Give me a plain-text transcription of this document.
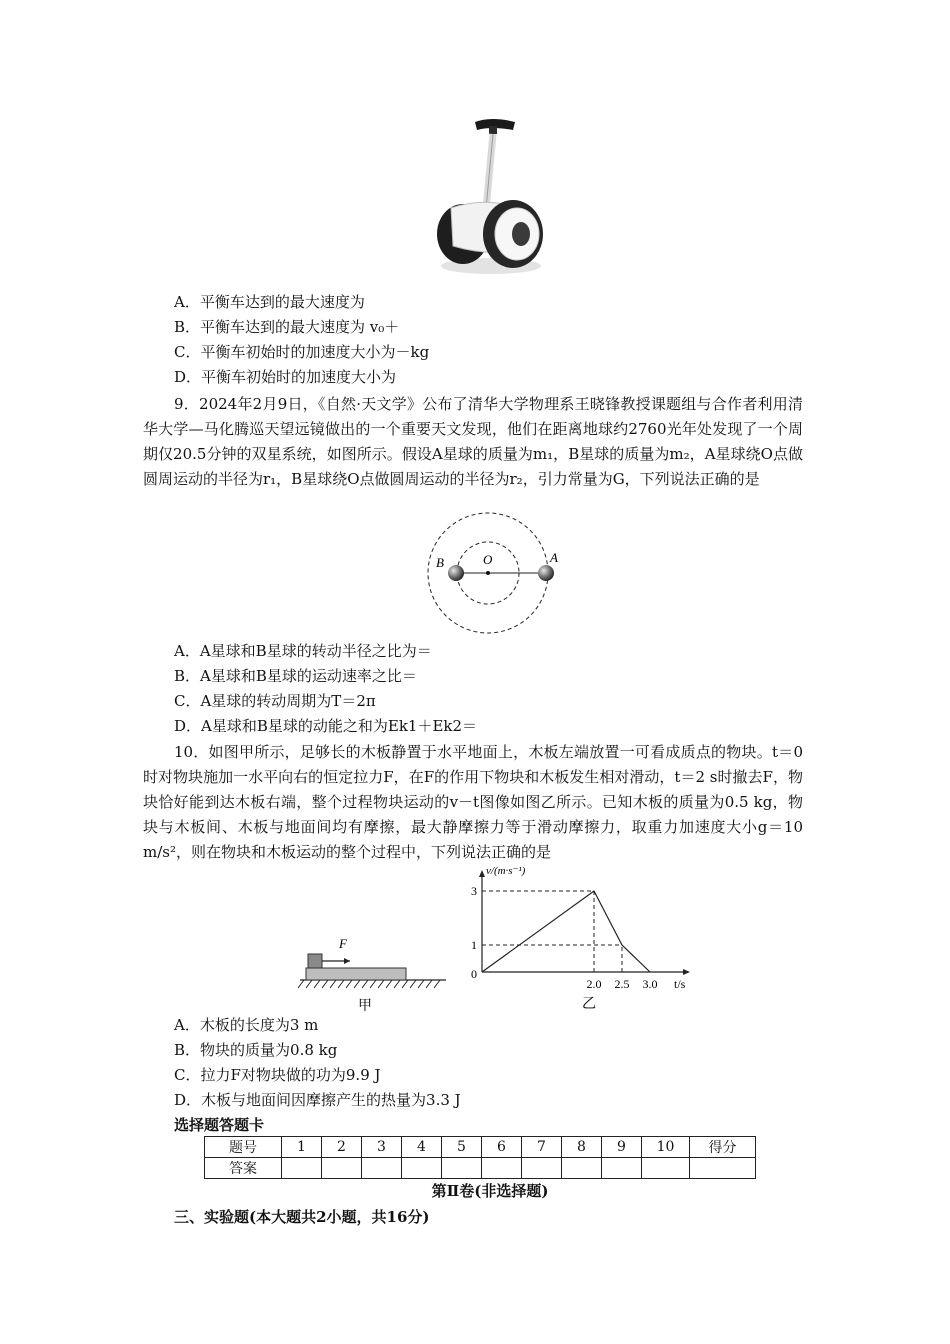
A．平衡车达到的最大速度为
B．平衡车达到的最大速度为 v₀＋
C．平衡车初始时的加速度大小为－kg
D．平衡车初始时的加速度大小为
9．2024年2月9日，《自然·天文学》公布了清华大学物理系王晓锋教授课题组与合作者利用清华大学—马化腾巡天望远镜做出的一个重要天文发现，他们在距离地球约2760光年处发现了一个周期仅20.5分钟的双星系统，如图所示。假设A星球的质量为m₁，B星球的质量为m₂，A星球绕O点做圆周运动的半径为r₁，B星球绕O点做圆周运动的半径为r₂，引力常量为G，下列说法正确的是
B	O	A
A．A星球和B星球的转动半径之比为＝
B．A星球和B星球的运动速率之比＝
C．A星球的转动周期为T＝2π
D．A星球和B星球的动能之和为Ek1＋Ek2＝
10．如图甲所示，足够长的木板静置于水平地面上，木板左端放置一可看成质点的物块。t＝0时对物块施加一水平向右的恒定拉力F，在F的作用下物块和木板发生相对滑动，t＝2 s时撤去F，物块恰好能到达木板右端，整个过程物块运动的v－t图像如图乙所示。已知木板的质量为0.5 kg，物块与木板间、木板与地面间均有摩擦，最大静摩擦力等于滑动摩擦力，取重力加速度大小g＝10 m/s²，则在物块和木板运动的整个过程中，下列说法正确的是
F
甲
v/(m·s⁻¹)
t/s
0
1
3
2.0 2.5 3.0
乙
A．木板的长度为3 m
B．物块的质量为0.8 kg
C．拉力F对物块做的功为9.9 J
D．木板与地面间因摩擦产生的热量为3.3 J
选择题答题卡
题号	1	2	3	4	5	6	7	8	9	10	得分
答案											
第Ⅱ卷(非选择题)
三、实验题(本大题共2小题，共16分)
